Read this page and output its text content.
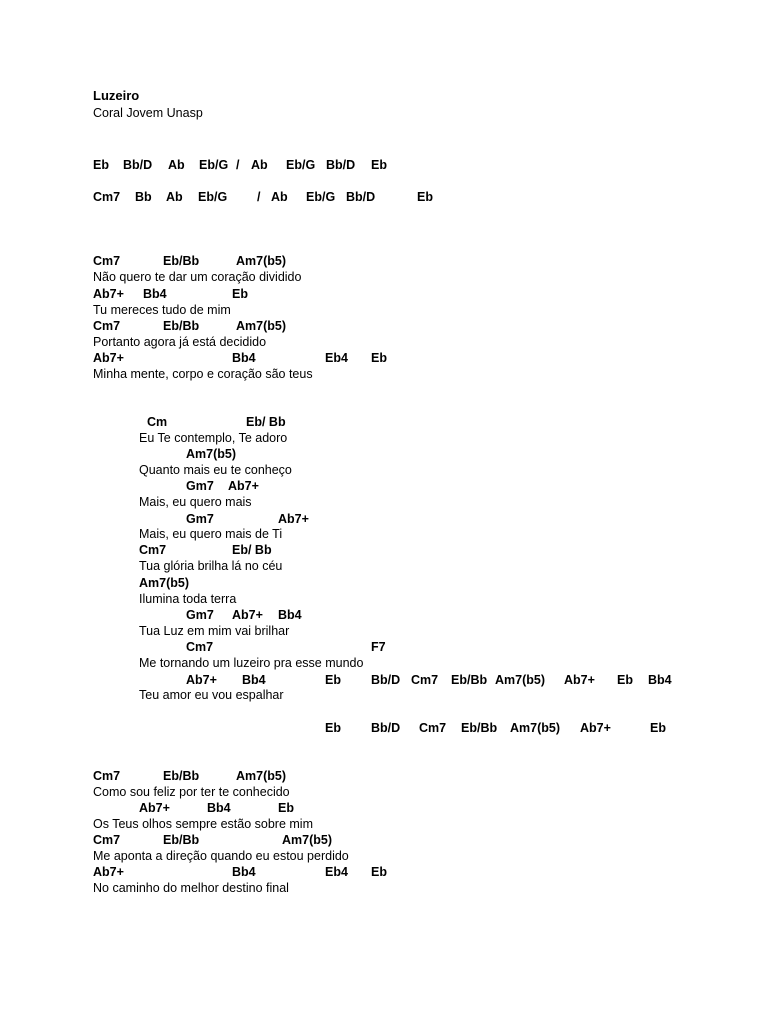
Luzeiro
Coral Jovem Unasp
Eb Bb/D Ab Eb/G / Ab Eb/G Bb/D Eb
Cm7 Bb Ab Eb/G / Ab Eb/G Bb/D	Eb
Cm7	Eb/Bb	Am7(b5)
Não quero te dar um coração dividido
Ab7+ Bb4	Eb
Tu mereces tudo de mim
Cm7	Eb/Bb	Am7(b5)
Portanto agora já está decidido
Ab7+	Bb4	Eb4 Eb
Minha mente, corpo e coração são teus
Cm	Eb/ Bb
Eu Te contemplo, Te adoro
Am7(b5)
Quanto mais eu te conheço
Gm7 Ab7+
Mais, eu quero mais
Gm7	Ab7+
Mais, eu quero mais de Ti
Cm7	Eb/ Bb
Tua glória brilha lá no céu
Am7(b5)
Ilumina toda terra
Gm7 Ab7+ Bb4
Tua Luz em mim vai brilhar
Cm7	F7
Me tornando um luzeiro pra esse mundo
Ab7+ Bb4	Eb Bb/D Cm7 Eb/Bb Am7(b5) Ab7+ Eb Bb4
Teu amor eu vou espalhar
Eb Bb/D Cm7 Eb/Bb Am7(b5) Ab7+	Eb
Cm7	Eb/Bb	Am7(b5)
Como sou feliz por ter te conhecido
Ab7+	Bb4	Eb
Os Teus olhos sempre estão sobre mim
Cm7	Eb/Bb	Am7(b5)
Me aponta a direção quando eu estou perdido
Ab7+	Bb4	Eb4 Eb
No caminho do melhor destino final
